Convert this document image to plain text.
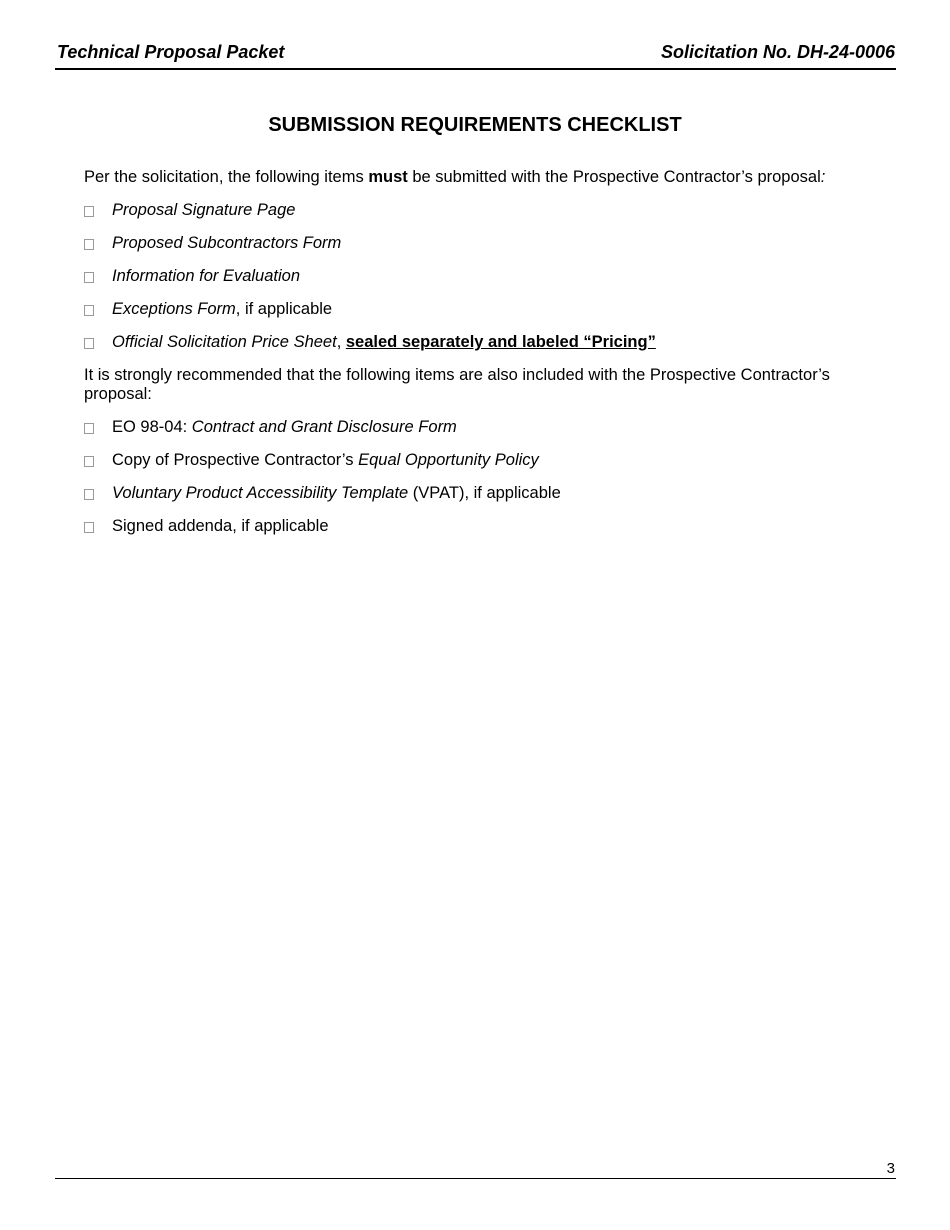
Technical Proposal Packet	Solicitation No. DH-24-0006
SUBMISSION REQUIREMENTS CHECKLIST

Per the solicitation, the following items must be submitted with the Prospective Contractor’s proposal:

Proposal Signature Page
Proposed Subcontractors Form
Information for Evaluation
Exceptions Form, if applicable
Official Solicitation Price Sheet, sealed separately and labeled “Pricing”

It is strongly recommended that the following items are also included with the Prospective Contractor’s proposal:

EO 98-04: Contract and Grant Disclosure Form
Copy of Prospective Contractor’s Equal Opportunity Policy
Voluntary Product Accessibility Template (VPAT), if applicable
Signed addenda, if applicable
3
